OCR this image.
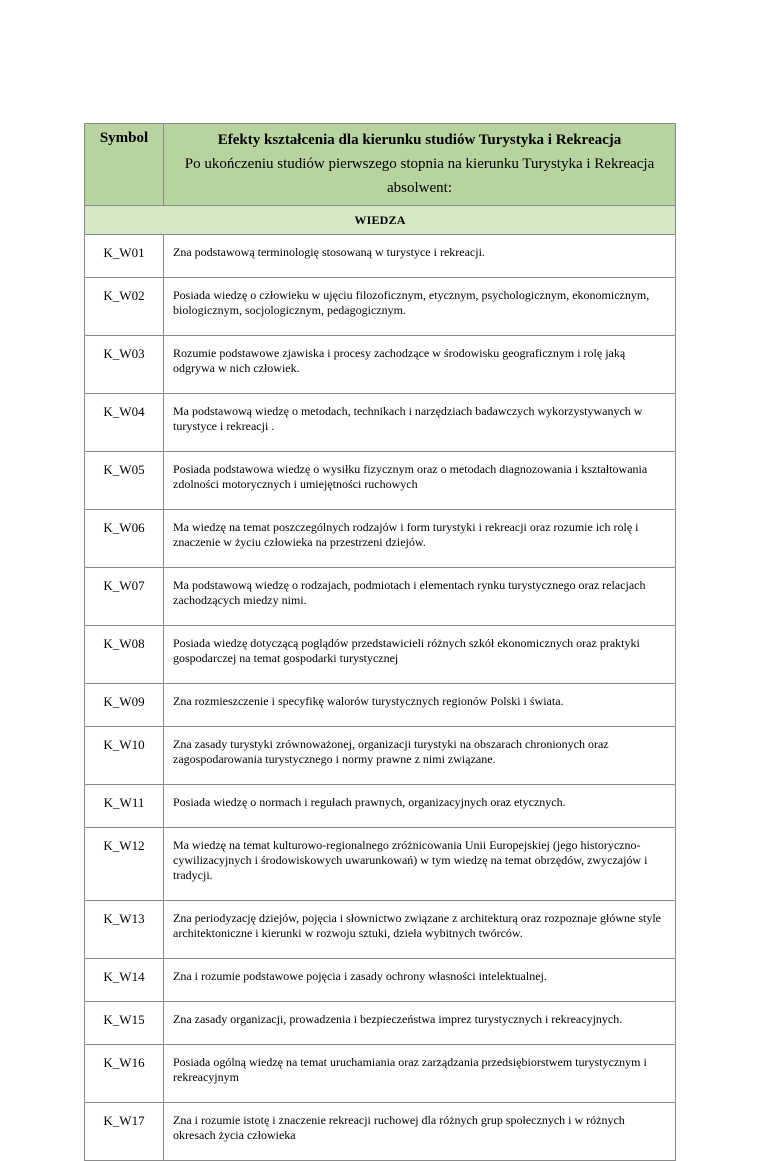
Symbol	Efekty kształcenia dla kierunku studiów Turystyka i Rekreacja
Po ukończeniu studiów pierwszego stopnia na kierunku Turystyka i Rekreacja absolwent:

WIEDZA	
K_W01	Zna podstawową terminologię stosowaną w turystyce i rekreacji.
K_W02	Posiada wiedzę o człowieku w ujęciu filozoficznym, etycznym, psychologicznym, ekonomicznym, biologicznym, socjologicznym, pedagogicznym.
K_W03	Rozumie podstawowe zjawiska i procesy zachodzące w środowisku geograficznym i rolę jaką odgrywa w nich człowiek.
K_W04	Ma podstawową wiedzę o metodach, technikach i narzędziach badawczych wykorzystywanych w turystyce i rekreacji .
K_W05	Posiada podstawowa wiedzę o wysiłku fizycznym oraz o metodach diagnozowania i kształtowania zdolności motorycznych i umiejętności ruchowych
K_W06	Ma wiedzę na temat poszczególnych rodzajów i form turystyki i rekreacji oraz rozumie ich rolę i znaczenie w życiu człowieka na przestrzeni dziejów.
K_W07	Ma podstawową wiedzę o rodzajach, podmiotach i elementach rynku turystycznego oraz relacjach zachodzących miedzy nimi.
K_W08	Posiada wiedzę dotyczącą poglądów przedstawicieli różnych szkół ekonomicznych oraz praktyki gospodarczej na temat gospodarki turystycznej
K_W09	Zna rozmieszczenie i specyfikę walorów turystycznych regionów Polski i świata.
K_W10	Zna zasady turystyki zrównoważonej, organizacji turystyki na obszarach chronionych oraz zagospodarowania turystycznego i normy prawne z nimi związane.
K_W11	Posiada wiedzę o normach i regułach prawnych, organizacyjnych oraz etycznych.
K_W12	Ma wiedzę na temat kulturowo-regionalnego zróżnicowania Unii Europejskiej (jego historyczno-cywilizacyjnych i środowiskowych uwarunkowań) w tym wiedzę na temat obrzędów, zwyczajów i tradycji.
K_W13	Zna periodyzację dziejów, pojęcia i słownictwo związane z architekturą oraz rozpoznaje główne style architektoniczne i kierunki w rozwoju sztuki, dzieła wybitnych twórców.
K_W14	Zna i rozumie podstawowe pojęcia i zasady ochrony własności intelektualnej.
K_W15	Zna zasady organizacji, prowadzenia i bezpieczeństwa imprez turystycznych i rekreacyjnych.
K_W16	Posiada ogólną wiedzę na temat uruchamiania oraz zarządzania przedsiębiorstwem turystycznym i rekreacyjnym
K_W17	Zna i rozumie istotę i znaczenie rekreacji ruchowej dla różnych grup społecznych i w różnych okresach życia człowieka
